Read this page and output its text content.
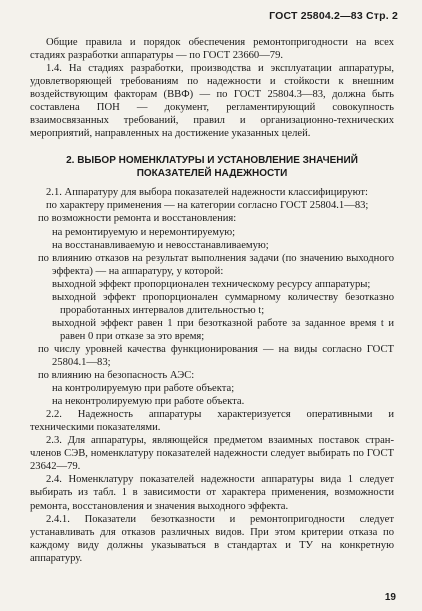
ГОСТ 25804.2—83 Стр. 2

Общие правила и порядок обеспечения ремонтопригодности на всех стадиях разработки аппаратуры — по ГОСТ 23660—79.

1.4. На стадиях разработки, производства и эксплуатации аппаратуры, удовлетворяющей требованиям по надежности и стойкости к внешним воздействующим факторам (ВВФ) — по ГОСТ 25804.3—83, должна быть составлена ПОН — документ, регламентирующий совокупность взаимосвязанных требований, правил и организационно-технических мероприятий, направленных на достижение указанных целей.

2. ВЫБОР НОМЕНКЛАТУРЫ И УСТАНОВЛЕНИЕ ЗНАЧЕНИЙ ПОКАЗАТЕЛЕЙ НАДЕЖНОСТИ

2.1. Аппаратуру для выбора показателей надежности классифицируют:

по характеру применения — на категории согласно ГОСТ 25804.1—83;

по возможности ремонта и восстановления:

на ремонтируемую и неремонтируемую;

на восстанавливаемую и невосстанавливаемую;

по влиянию отказов на результат выполнения задачи (по значению выходного эффекта) — на аппаратуру, у которой:

выходной эффект пропорционален техническому ресурсу аппаратуры;

выходной эффект пропорционален суммарному количеству безотказно проработанных интервалов длительностью t;

выходной эффект равен 1 при безотказной работе за заданное время t и равен 0 при отказе за это время;

по числу уровней качества функционирования — на виды согласно ГОСТ 25804.1—83;

по влиянию на безопасность АЭС:

на контролируемую при работе объекта;

на неконтролируемую при работе объекта.

2.2. Надежность аппаратуры характеризуется оперативными и техническими показателями.

2.3. Для аппаратуры, являющейся предметом взаимных поставок стран-членов СЭВ, номенклатуру показателей надежности следует выбирать по ГОСТ 23642—79.

2.4. Номенклатуру показателей надежности аппаратуры вида 1 следует выбирать из табл. 1 в зависимости от характера применения, возможности ремонта, восстановления и значения выходного эффекта.

2.4.1. Показатели безотказности и ремонтопригодности следует устанавливать для отказов различных видов. При этом критерии отказа по каждому виду должны указываться в стандартах и ТУ на конкретную аппаратуру.

19
